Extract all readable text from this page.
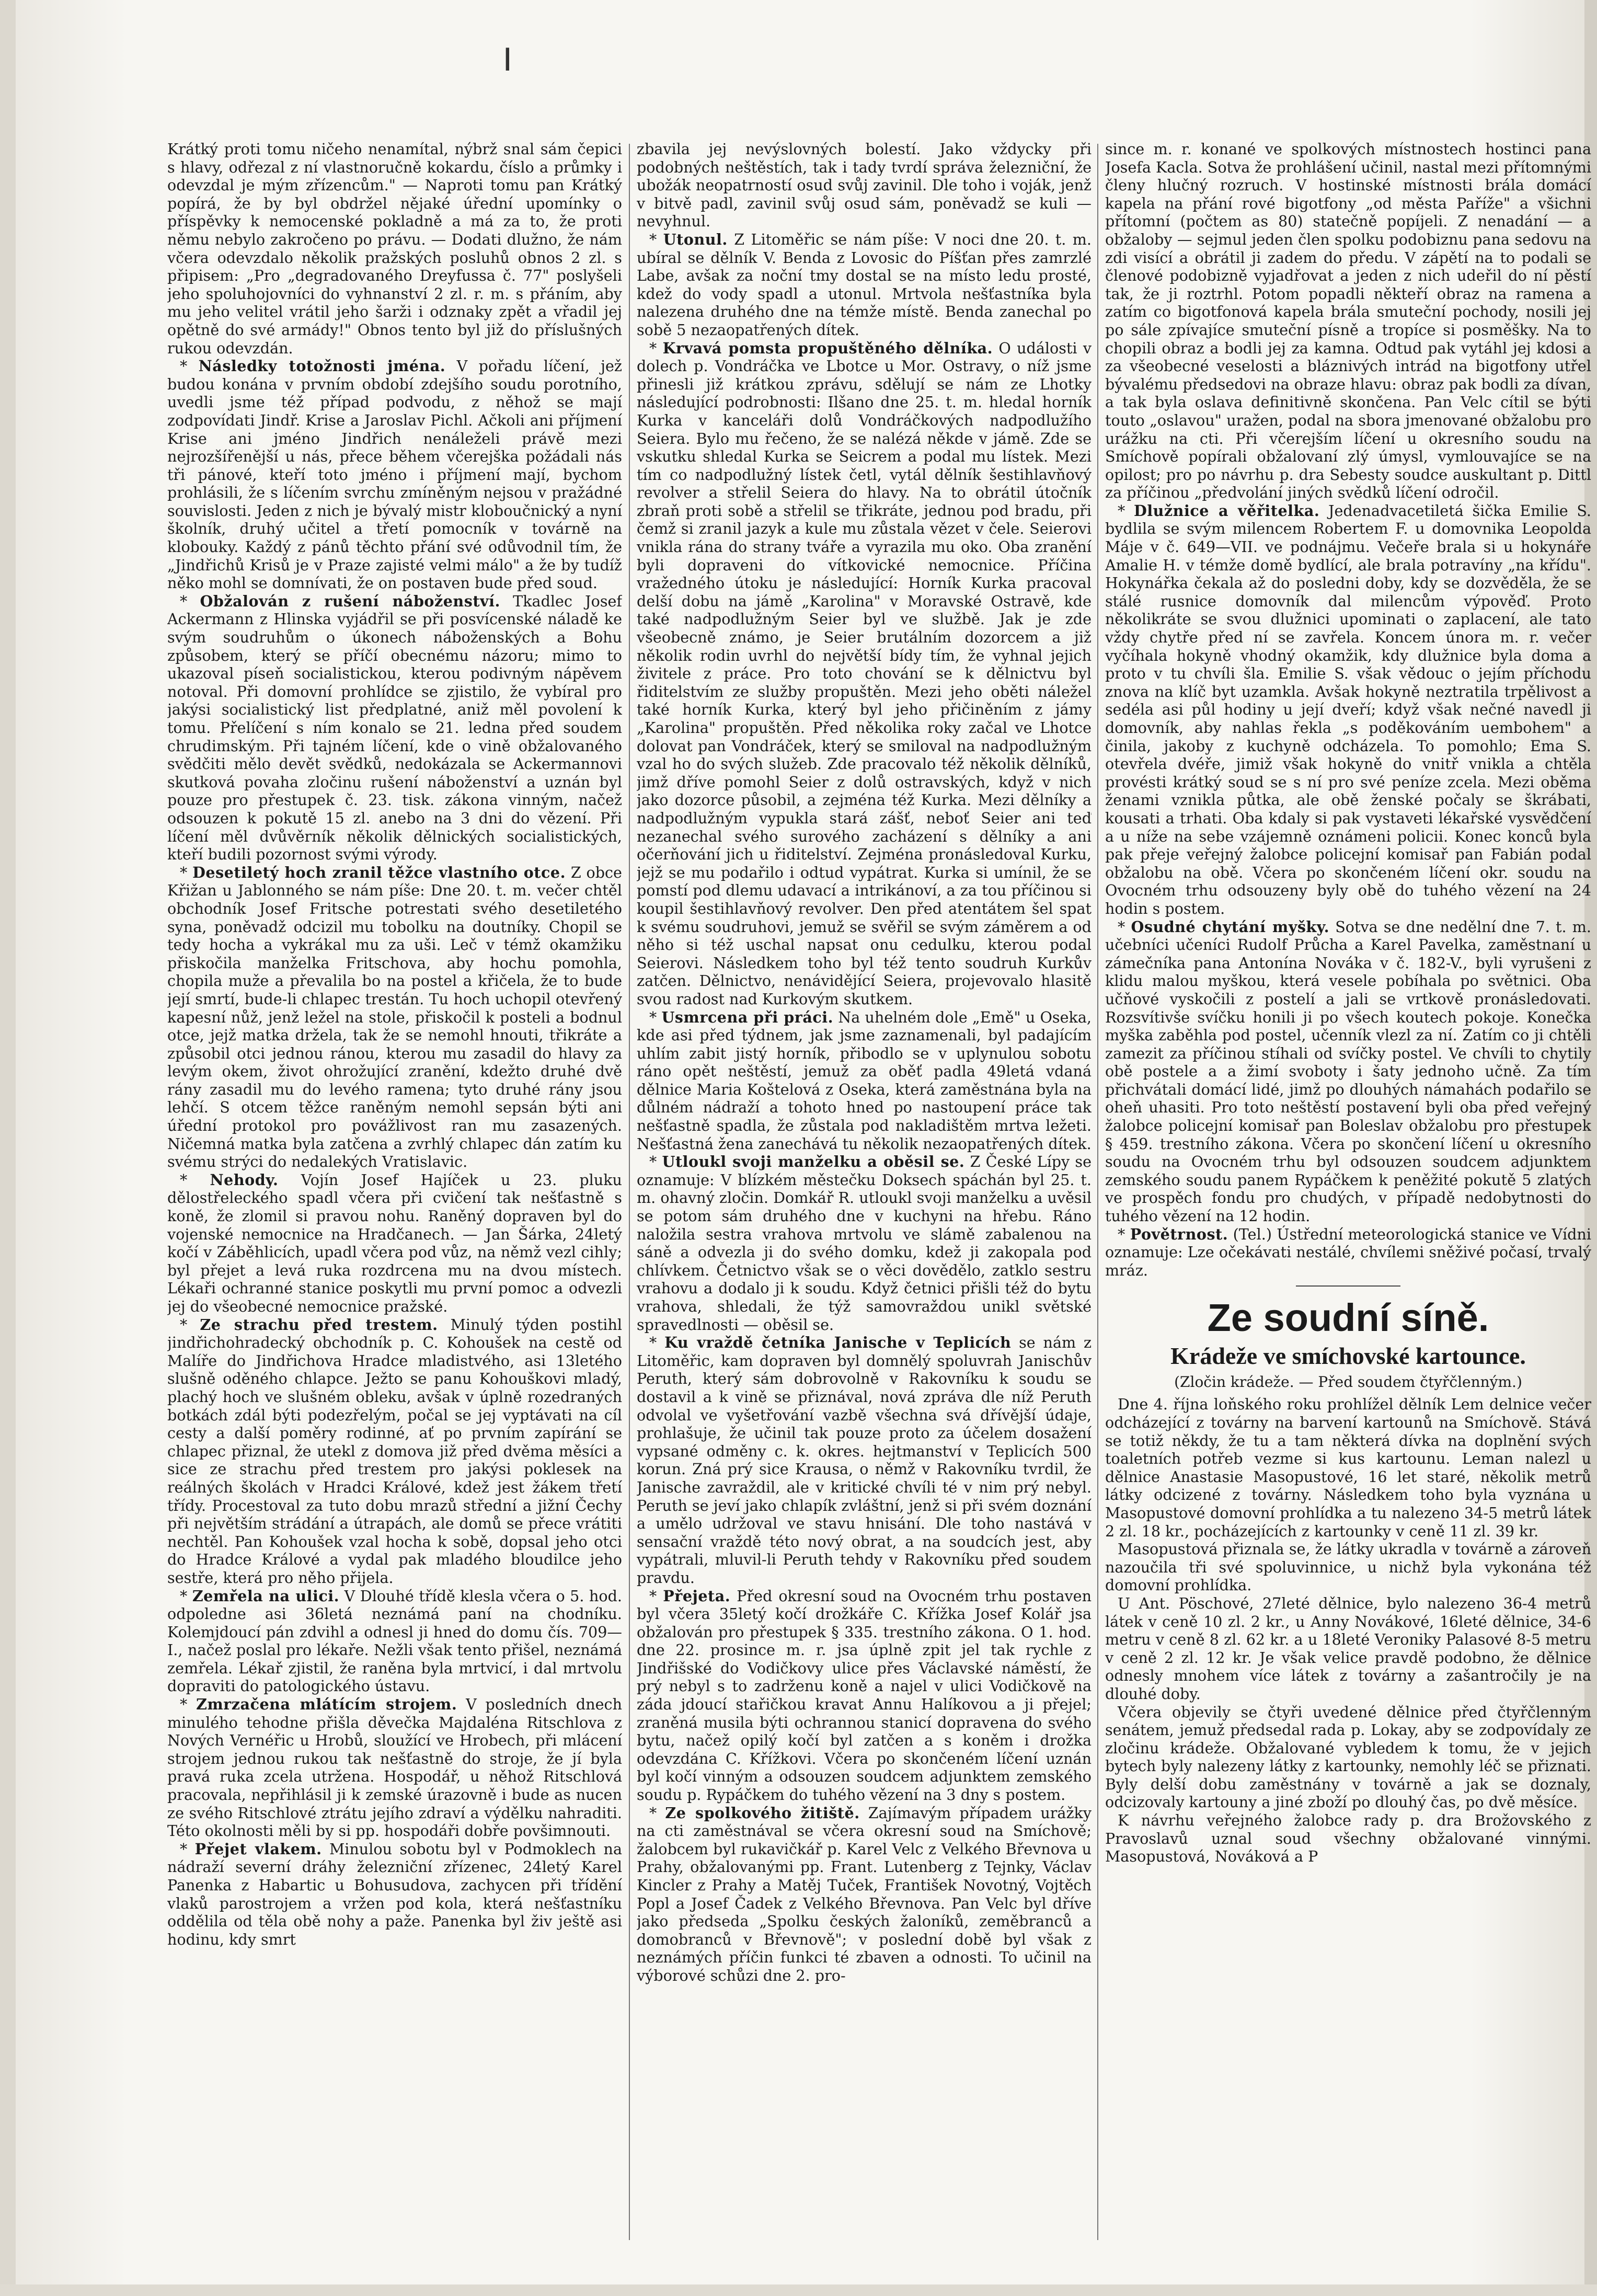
ǀ

Krátký proti tomu ničeho nenamítal, nýbrž snal sám čepici s hlavy, odřezal z ní vlastnoručně kokardu, číslo a průmky i odevzdal je mým zřízencům." — Naproti tomu pan Krátký popírá, že by byl obdržel nějaké úřední upomínky o příspěvky k nemocenské pokladně a má za to, že proti němu nebylo zakročeno po právu. — Dodati dlužno, že nám včera odevzdalo několik pražských posluhů obnos 2 zl. s připisem: „Pro „degradovaného Dreyfussa č. 77" poslyšeli jeho spoluhojovníci do vyhnanství 2 zl. r. m. s přáním, aby mu jeho velitel vrátil jeho šarži i odznaky zpět a vřadil jej opětně do své armády!" Obnos tento byl již do příslušných rukou odevzdán.

* Následky totožnosti jména. V pořadu líčení, jež budou konána v prvním období zdejšího soudu porotního, uvedli jsme též případ podvodu, z něhož se mají zodpovídati Jindř. Krise a Jaroslav Pichl. Ačkoli ani příjmení Krise ani jméno Jindřich nenáleželi právě mezi nejrozšířenější u nás, přece během včerejška požádali nás tři pánové, kteří toto jméno i příjmení mají, bychom prohlásili, že s líčením svrchu zmíněným nejsou v pražádné souvislosti. Jeden z nich je bývalý mistr kloboučnický a nyní školník, druhý učitel a třetí pomocník v továrně na klobouky. Každý z pánů těchto přání své odůvodnil tím, že „Jindřichů Krisů je v Praze zajisté velmi málo" a že by tudíž něko mohl se domnívati, že on postaven bude před soud.

* Obžalován z rušení náboženství. Tkadlec Josef Ackermann z Hlinska vyjádřil se při posvícenské náladě ke svým soudruhům o úkonech náboženských a Bohu způsobem, který se příčí obecnému názoru; mimo to ukazoval píseň socialistickou, kterou podivným nápěvem notoval. Při domovní prohlídce se zjistilo, že vybíral pro jakýsi socialistický list předplatné, aniž měl povolení k tomu. Přelíčení s ním konalo se 21. ledna před soudem chrudimským. Při tajném líčení, kde o vině obžalovaného svědčiti mělo devět svědků, nedokázala se Ackermannovi skutková povaha zločinu rušení náboženství a uznán byl pouze pro přestupek č. 23. tisk. zákona vinným, načež odsouzen k pokutě 15 zl. anebo na 3 dni do vězení. Při líčení měl dvůvěrník několik dělnických socialistických, kteří budili pozornost svými výrody.

* Desetiletý hoch zranil těžce vlastního otce. Z obce Křižan u Jablonného se nám píše: Dne 20. t. m. večer chtěl obchodník Josef Fritsche potrestati svého desetiletého syna, poněvadž odcizil mu tobolku na doutníky. Chopil se tedy hocha a vykrákal mu za uši. Leč v témž okamžiku přiskočila manželka Fritschova, aby hochu pomohla, chopila muže a převalila bo na postel a křičela, že to bude její smrtí, bude-li chlapec trestán. Tu hoch uchopil otevřený kapesní nůž, jenž ležel na stole, přiskočil k posteli a bodnul otce, jejž matka držela, tak že se nemohl hnouti, třikráte a způsobil otci jednou ránou, kterou mu zasadil do hlavy za levým okem, život ohrožující zranění, kdežto druhé dvě rány zasadil mu do levého ramena; tyto druhé rány jsou lehčí. S otcem těžce raněným nemohl sepsán býti ani úřední protokol pro povážlivost ran mu zasazených. Ničemná matka byla zatčena a zvrhlý chlapec dán zatím ku svému strýci do nedalekých Vratislavic.

* Nehody. Vojín Josef Hajíček u 23. pluku dělostřeleckého spadl včera při cvičení tak nešťastně s koně, že zlomil si pravou nohu. Raněný dopraven byl do vojenské nemocnice na Hradčanech. — Jan Šárka, 24letý kočí v Záběhlicích, upadl včera pod vůz, na němž vezl cihly; byl přejet a levá ruka rozdrcena mu na dvou místech. Lékaři ochranné stanice poskytli mu první pomoc a odvezli jej do všeobecné nemocnice pražské.

* Ze strachu před trestem. Minulý týden postihl jindřichohradecký obchodník p. C. Kohoušek na cestě od Malíře do Jindřichova Hradce mladistvého, asi 13letého slušně oděného chlapce. Ježto se panu Kohouškovi mladý, plachý hoch ve slušném obleku, avšak v úplně rozedraných botkách zdál býti podezřelým, počal se jej vyptávati na cíl cesty a další poměry rodinné, ať po prvním zapírání se chlapec přiznal, že utekl z domova již před dvěma měsíci a sice ze strachu před trestem pro jakýsi poklesek na reálných školách v Hradci Králové, kdež jest žákem třetí třídy. Procestoval za tuto dobu mrazů střední a jižní Čechy při největším strádání a útrapách, ale domů se přece vrátiti nechtěl. Pan Kohoušek vzal hocha k sobě, dopsal jeho otci do Hradce Králové a vydal pak mladého bloudilce jeho sestře, která pro něho přijela.

* Zemřela na ulici. V Dlouhé třídě klesla včera o 5. hod. odpoledne asi 36letá neznámá paní na chodníku. Kolemjdoucí pán zdvihl a odnesl ji hned do domu čís. 709—I., načež poslal pro lékaře. Nežli však tento přišel, neznámá zemřela. Lékař zjistil, že raněna byla mrtvicí, i dal mrtvolu dopraviti do patologického ústavu.

* Zmrzačena mlátícím strojem. V posledních dnech minulého tehodne přišla děvečka Majdaléna Ritschlova z Nových Vernéřic u Hrobů, sloužící ve Hrobech, při mlácení strojem jednou rukou tak nešťastně do stroje, že jí byla pravá ruka zcela utržena. Hospodář, u něhož Ritschlová pracovala, nepřihlásil ji k zemské úrazovně i bude as nucen ze svého Ritschlové ztrátu jejího zdraví a výdělku nahraditi. Této okolnosti měli by si pp. hospodáři dobře povšimnouti.

* Přejet vlakem. Minulou sobotu byl v Podmoklech na nádraží severní dráhy železniční zřízenec, 24letý Karel Panenka z Habartic u Bohusudova, zachycen při třídění vlaků parostrojem a vržen pod kola, která nešťastníku oddělila od těla obě nohy a paže. Panenka byl živ ještě asi hodinu, kdy smrt

zbavila jej nevýslovných bolestí. Jako vždycky při podobných neštěstích, tak i tady tvrdí správa železniční, že ubožák neopatrností osud svůj zavinil. Dle toho i voják, jenž v bitvě padl, zavinil svůj osud sám, poněvadž se kuli — nevyhnul.

* Utonul. Z Litoměřic se nám píše: V noci dne 20. t. m. ubíral se dělník V. Benda z Lovosic do Píšťan přes zamrzlé Labe, avšak za noční tmy dostal se na místo ledu prosté, kdež do vody spadl a utonul. Mrtvola nešťastníka byla nalezena druhého dne na témže místě. Benda zanechal po sobě 5 nezaopatřených dítek.

* Krvavá pomsta propuštěného dělníka. O události v dolech p. Vondráčka ve Lbotce u Mor. Ostravy, o níž jsme přinesli již krátkou zprávu, sdělují se nám ze Lhotky následující podrobnosti: Ilšano dne 25. t. m. hledal horník Kurka v kanceláři dolů Vondráčkových nadpodlužího Seiera. Bylo mu řečeno, že se nalézá někde v jámě. Zde se vskutku shledal Kurka se Seicrem a podal mu lístek. Mezi tím co nadpodlužný lístek četl, vytál dělník šestihlavňový revolver a střelil Seiera do hlavy. Na to obrátil útočník zbraň proti sobě a střelil se třikráte, jednou pod bradu, při čemž si zranil jazyk a kule mu zůstala vězet v čele. Seierovi vnikla rána do strany tváře a vyrazila mu oko. Oba zranění byli dopraveni do vítkovické nemocnice. Příčina vražedného útoku je následující: Horník Kurka pracoval delší dobu na jámě „Karolina" v Moravské Ostravě, kde také nadpodlužným Seier byl ve službě. Jak je zde všeobecně známo, je Seier brutálním dozorcem a již několik rodin uvrhl do největší bídy tím, že vyhnal jejich živitele z práce. Pro toto chování se k dělnictvu byl řiditelstvím ze služby propuštěn. Mezi jeho oběti náležel také horník Kurka, který byl jeho přičiněním z jámy „Karolina" propuštěn. Před několika roky začal ve Lhotce dolovat pan Vondráček, který se smiloval na nadpodlužným vzal ho do svých služeb. Zde pracovalo též několik dělníků, jimž dříve pomohl Seier z dolů ostravských, když v nich jako dozorce působil, a zejména též Kurka. Mezi dělníky a nadpodlužným vypukla stará zášť, neboť Seier ani teď nezanechal svého surového zacházení s dělníky a ani očerňování jich u řiditelství. Zejména pronásledoval Kurku, jejž se mu podařilo i odtud vypátrat. Kurka si umínil, že se pomstí pod dlemu udavací a intrikánoví, a za tou příčinou si koupil šestihlavňový revolver. Den před atentátem šel spat k svému soudruhovi, jemuž se svěřil se svým záměrem a od něho si též uschal napsat onu cedulku, kterou podal Seierovi. Následkem toho byl též tento soudruh Kurkův zatčen. Dělnictvo, nenávidějící Seiera, projevovalo hlasitě svou radost nad Kurkovým skutkem.

* Usmrcena při práci. Na uhelném dole „Emě" u Oseka, kde asi před týdnem, jak jsme zaznamenali, byl padajícím uhlím zabit jistý horník, přibodlo se v uplynulou sobotu ráno opět neštěstí, jemuž za oběť padla 49letá vdaná dělnice Maria Koštelová z Oseka, která zaměstnána byla na důlném nádraží a tohoto hned po nastoupení práce tak nešťastně spadla, že zůstala pod nakladištěm mrtva ležeti. Nešťastná žena zanechává tu několik nezaopatřených dítek.

* Utloukl svoji manželku a oběsil se. Z České Lípy se oznamuje: V blízkém městečku Doksech spáchán byl 25. t. m. ohavný zločin. Domkář R. utloukl svoji manželku a uvěsil se potom sám druhého dne v kuchyni na hřebu. Ráno naložila sestra vrahova mrtvolu ve slámě zabalenou na sáně a odvezla ji do svého domku, kdež ji zakopala pod chlívkem. Četnictvo však se o věci dovědělo, zatklo sestru vrahovu a dodalo ji k soudu. Když četnici přišli též do bytu vrahova, shledali, že týž samovraždou unikl světské spravedlnosti — oběsil se.

* Ku vraždě četníka Janische v Teplicích se nám z Litoměřic, kam dopraven byl domnělý spoluvrah Janischův Peruth, který sám dobrovolně v Rakovníku k soudu se dostavil a k vině se přiznával, nová zpráva dle níž Peruth odvolal ve vyšetřování vazbě všechna svá dřívější údaje, prohlašuje, že učinil tak pouze proto za účelem dosažení vypsané odměny c. k. okres. hejtmanství v Teplicích 500 korun. Zná prý sice Krausa, o němž v Rakovníku tvrdil, že Janische zavraždil, ale v kritické chvíli té v nim prý nebyl. Peruth se jeví jako chlapík zvláštní, jenž si při svém doznání a umělo udržoval ve stavu hnisání. Dle toho nastává v sensační vraždě této nový obrat, a na soudcích jest, aby vypátrali, mluvil-li Peruth tehdy v Rakovníku před soudem pravdu.

* Přejeta. Před okresní soud na Ovocném trhu postaven byl včera 35letý kočí drožkáře C. Křížka Josef Kolář jsa obžalován pro přestupek § 335. trestního zákona. O 1. hod. dne 22. prosince m. r. jsa úplně zpit jel tak rychle z Jindřišské do Vodičkovy ulice přes Václavské náměstí, že prý nebyl s to zadrženu koně a najel v ulici Vodičkově na záda jdoucí stařičkou kravat Annu Halíkovou a ji přejel; zraněná musila býti ochrannou stanicí dopravena do svého bytu, načež opilý kočí byl zatčen a s koněm i drožka odevzdána C. Křížkovi. Včera po skončeném líčení uznán byl kočí vinným a odsouzen soudcem adjunktem zemského soudu p. Rypáčkem do tuhého vězení na 3 dny s postem.

* Ze spolkového žitiště. Zajímavým případem urážky na cti zaměstnával se včera okresní soud na Smíchově; žalobcem byl rukavičkář p. Karel Velc z Velkého Břevnova u Prahy, obžalovanými pp. Frant. Lutenberg z Tejnky, Václav Kincler z Prahy a Matěj Tuček, František Novotný, Vojtěch Popl a Josef Čadek z Velkého Břevnova. Pan Velc byl dříve jako předseda „Spolku českých žaloníků, zeměbranců a domobranců v Břevnově"; v poslední době byl však z neznámých příčin funkci té zbaven a odnosti. To učinil na výborové schůzi dne 2. pro-

since m. r. konané ve spolkových místnostech hostinci pana Josefa Kacla. Sotva že prohlášení učinil, nastal mezi přítomnými členy hlučný rozruch. V hostinské místnosti brála domácí kapela na přání rové bigotfony „od města Paříže" a všichni přítomní (počtem as 80) statečně popíjeli. Z nenadání — a obžaloby — sejmul jeden člen spolku podobiznu pana sedovu na zdi visící a obrátil ji zadem do předu. V zápětí na to podali se členové podobizně vyjadřovat a jeden z nich udeřil do ní pěstí tak, že ji roztrhl. Potom popadli někteří obraz na ramena a zatím co bigotfonová kapela brála smuteční pochody, nosili jej po sále zpívajíce smuteční písně a tropíce si posměšky. Na to chopili obraz a bodli jej za kamna. Odtud pak vytáhl jej kdosi a za všeobecné veselosti a bláznivých intrád na bigotfony utřel bývalému předsedovi na obraze hlavu: obraz pak bodli za dívan, a tak byla oslava definitivně skončena. Pan Velc cítil se býti touto „oslavou" uražen, podal na sbora jmenované obžalobu pro urážku na cti. Při včerejším líčení u okresního soudu na Smíchově popírali obžalovaní zlý úmysl, vymlouvajíce se na opilost; pro po návrhu p. dra Sebesty soudce auskultant p. Dittl za příčinou „předvolání jiných svědků líčení odročil.

* Dlužnice a věřitelka. Jedenadvacetiletá šička Emilie S. bydlila se svým milencem Robertem F. u domovnika Leopolda Máje v č. 649—VII. ve podnájmu. Večeře brala si u hokynáře Amalie H. v témže domě bydlící, ale brala potravíny „na křídu". Hokynářka čekala až do posledni doby, kdy se dozvěděla, že se stálé rusnice domovník dal milencům výpověď. Proto několikráte se svou dlužnici upominati o zaplacení, ale tato vždy chytře před ní se zavřela. Koncem února m. r. večer vyčíhala hokyně vhodný okamžik, kdy dlužnice byla doma a proto v tu chvíli šla. Emilie S. však vědouc o jejím příchodu znova na klíč byt uzamkla. Avšak hokyně neztratila trpělivost a sedéla asi půl hodiny u její dveří; když však nečné navedl ji domovník, aby nahlas řekla „s poděkováním uembohem" a činila, jakoby z kuchyně odcházela. To pomohlo; Ema S. otevřela dvéře, jimiž však hokyně do vnitř vnikla a chtěla provésti krátký soud se s ní pro své peníze zcela. Mezi oběma ženami vznikla půtka, ale obě ženské počaly se škrábati, kousati a trhati. Oba kdaly si pak vystaveti lékařské vysvědčení a u níže na sebe vzájemně oznámeni policii. Konec konců byla pak přeje veřejný žalobce policejní komisař pan Fabián podal obžalobu na obě. Včera po skončeném líčení okr. soudu na Ovocném trhu odsouzeny byly obě do tuhého vězení na 24 hodin s postem.

* Osudné chytání myšky. Sotva se dne nedělní dne 7. t. m. učebníci učeníci Rudolf Průcha a Karel Pavelka, zaměstnaní u zámečníka pana Antonína Nováka v č. 182-V., byli vyrušeni z klidu malou myškou, která vesele pobíhala po světnici. Oba učňové vyskočili z postelí a jali se vrtkově pronásledovati. Rozsvítivše svíčku honili ji po všech koutech pokoje. Konečka myška zaběhla pod postel, učenník vlezl za ní. Zatím co ji chtěli zamezit za příčinou stíhali od svíčky postel. Ve chvíli to chytily obě postele a a žimí svoboty i šaty jednoho učně. Za tím přichvátali domácí lidé, jimž po dlouhých námahách podařilo se oheň uhasiti. Pro toto neštěstí postavení byli oba před veřejný žalobce policejní komisař pan Boleslav obžalobu pro přestupek § 459. trestního zákona. Včera po skončení líčení u okresního soudu na Ovocném trhu byl odsouzen soudcem adjunktem zemského soudu panem Rypáčkem k peněžité pokutě 5 zlatých ve prospěch fondu pro chudých, v případě nedobytnosti do tuhého vězení na 12 hodin.

* Povětrnost. (Tel.) Ústřední meteorologická stanice ve Vídni oznamuje: Lze očekávati nestálé, chvílemi sněživé počasí, trvalý mráz.

Ze soudní síně.
Krádeže ve smíchovské kartounce.
(Zločin krádeže. — Před soudem čtyřčlenným.)

Dne 4. října loňského roku prohlížel dělník Lem delnice večer odcházející z továrny na barvení kartounů na Smíchově. Stává se totiž někdy, že tu a tam některá dívka na doplnění svých toaletních potřeb vezme si kus kartounu. Leman nalezl u dělnice Anastasie Masopustové, 16 let staré, několik metrů látky odcizené z továrny. Následkem toho byla vyznána u Masopustové domovní prohlídka a tu nalezeno 34-5 metrů látek 2 zl. 18 kr., pocházejících z kartounky v ceně 11 zl. 39 kr.

Masopustová přiznala se, že látky ukradla v továrně a zároveň nazoučila tři své spoluvinnice, u nichž byla vykonána též domovní prohlídka.

U Ant. Pöschové, 27leté dělnice, bylo nalezeno 36-4 metrů látek v ceně 10 zl. 2 kr., u Anny Novákové, 16leté dělnice, 34-6 metru v ceně 8 zl. 62 kr. a u 18leté Veroniky Palasové 8-5 metru v ceně 2 zl. 12 kr. Je však velice pravdě podobno, že dělnice odnesly mnohem více látek z továrny a zašantročily je na dlouhé doby.

Včera objevily se čtyři uvedené dělnice před čtyřčlenným senátem, jemuž předsedal rada p. Lokay, aby se zodpovídaly ze zločinu krádeže. Obžalované vybledem k tomu, že v jejich bytech byly nalezeny látky z kartounky, nemohly léč se přiznati. Byly delší dobu zaměstnány v továrně a jak se doznaly, odcizovaly kartouny a jiné zboží po dlouhý čas, po dvě měsíce.

K návrhu veřejného žalobce rady p. dra Brožovského z Pravoslavů uznal soud všechny obžalované vinnými. Masopustová, Nováková a P
